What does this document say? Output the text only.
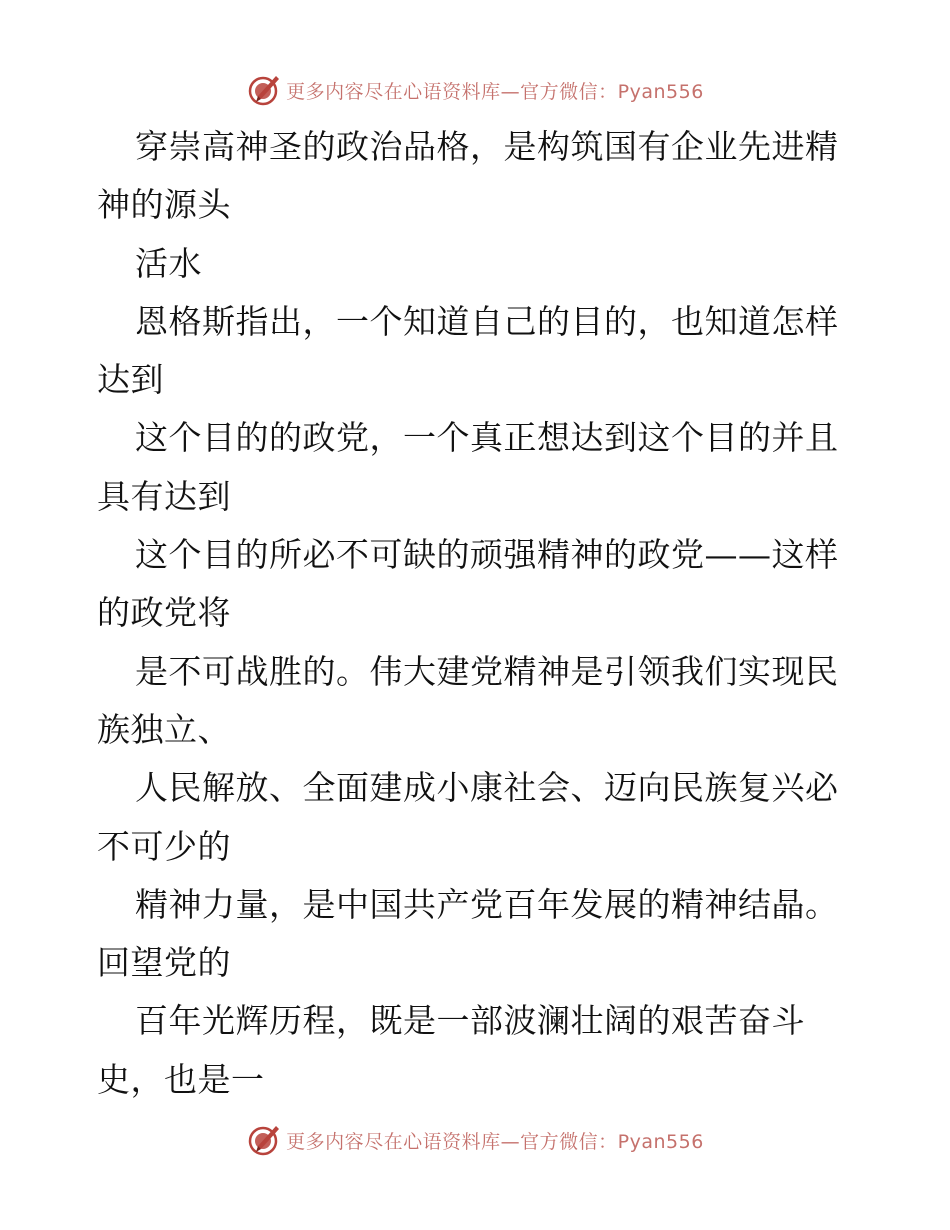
更多内容尽在心语资料库—官方微信：Pyan556
穿崇高神圣的政治品格，是构筑国有企业先进精
神的源头
活水
恩格斯指出，一个知道自己的目的，也知道怎样
达到
这个目的的政党，一个真正想达到这个目的并且
具有达到
这个目的所必不可缺的顽强精神的政党——这样
的政党将
是不可战胜的。伟大建党精神是引领我们实现民
族独立、
人民解放、全面建成小康社会、迈向民族复兴必
不可少的
精神力量，是中国共产党百年发展的精神结晶。
回望党的
百年光辉历程，既是一部波澜壮阔的艰苦奋斗
史，也是一
更多内容尽在心语资料库—官方微信：Pyan556
